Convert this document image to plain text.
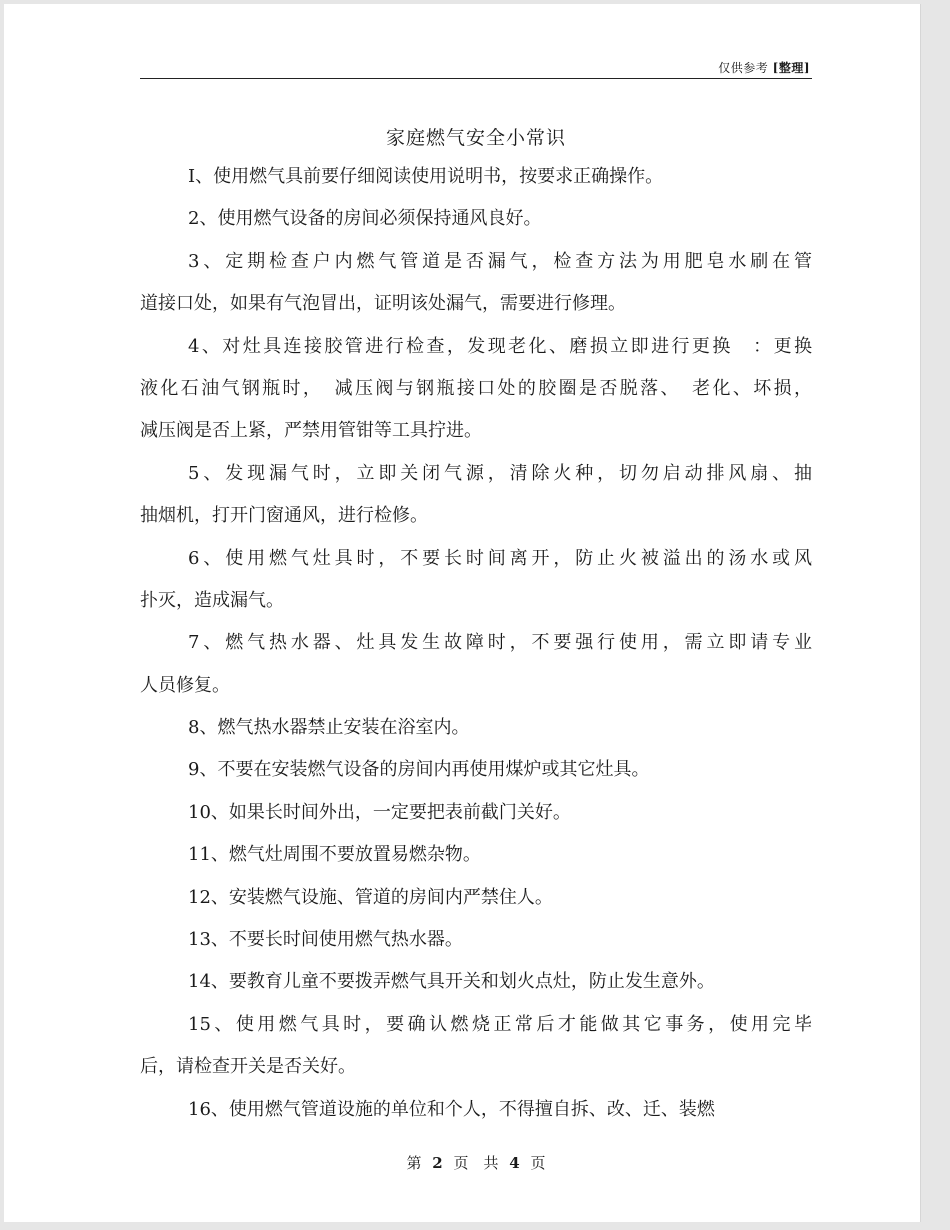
仅供参考 [整理]
家庭燃气安全小常识
I、使用燃气具前要仔细阅读使用说明书，按要求正确操作。
2、使用燃气设备的房间必须保持通风良好。
3、定期检查户内燃气管道是否漏气，检查方法为用肥皂水刷在管
道接口处，如果有气泡冒出，证明该处漏气，需要进行修理。
4、对灶具连接胶管进行检查，发现老化、磨损立即进行更换　：更换
液化石油气钢瓶时，　减压阀与钢瓶接口处的胶圈是否脱落、　老化、坏损，
减压阀是否上紧，严禁用管钳等工具拧进。
5、发现漏气时，立即关闭气源，清除火种，切勿启动排风扇、抽
抽烟机，打开门窗通风，进行检修。
6、使用燃气灶具时，不要长时间离开，防止火被溢出的汤水或风
扑灭，造成漏气。
7、燃气热水器、灶具发生故障时，不要强行使用，需立即请专业
人员修复。
8、燃气热水器禁止安装在浴室内。
9、不要在安装燃气设备的房间内再使用煤炉或其它灶具。
10、如果长时间外出，一定要把表前截门关好。
11、燃气灶周围不要放置易燃杂物。
12、安装燃气设施、管道的房间内严禁住人。
13、不要长时间使用燃气热水器。
14、要教育儿童不要拨弄燃气具开关和划火点灶，防止发生意外。
15、使用燃气具时，要确认燃烧正常后才能做其它事务，使用完毕
后，请检查开关是否关好。
16、使用燃气管道设施的单位和个人，不得擅自拆、改、迁、装燃
第 2 页　共 4 页
